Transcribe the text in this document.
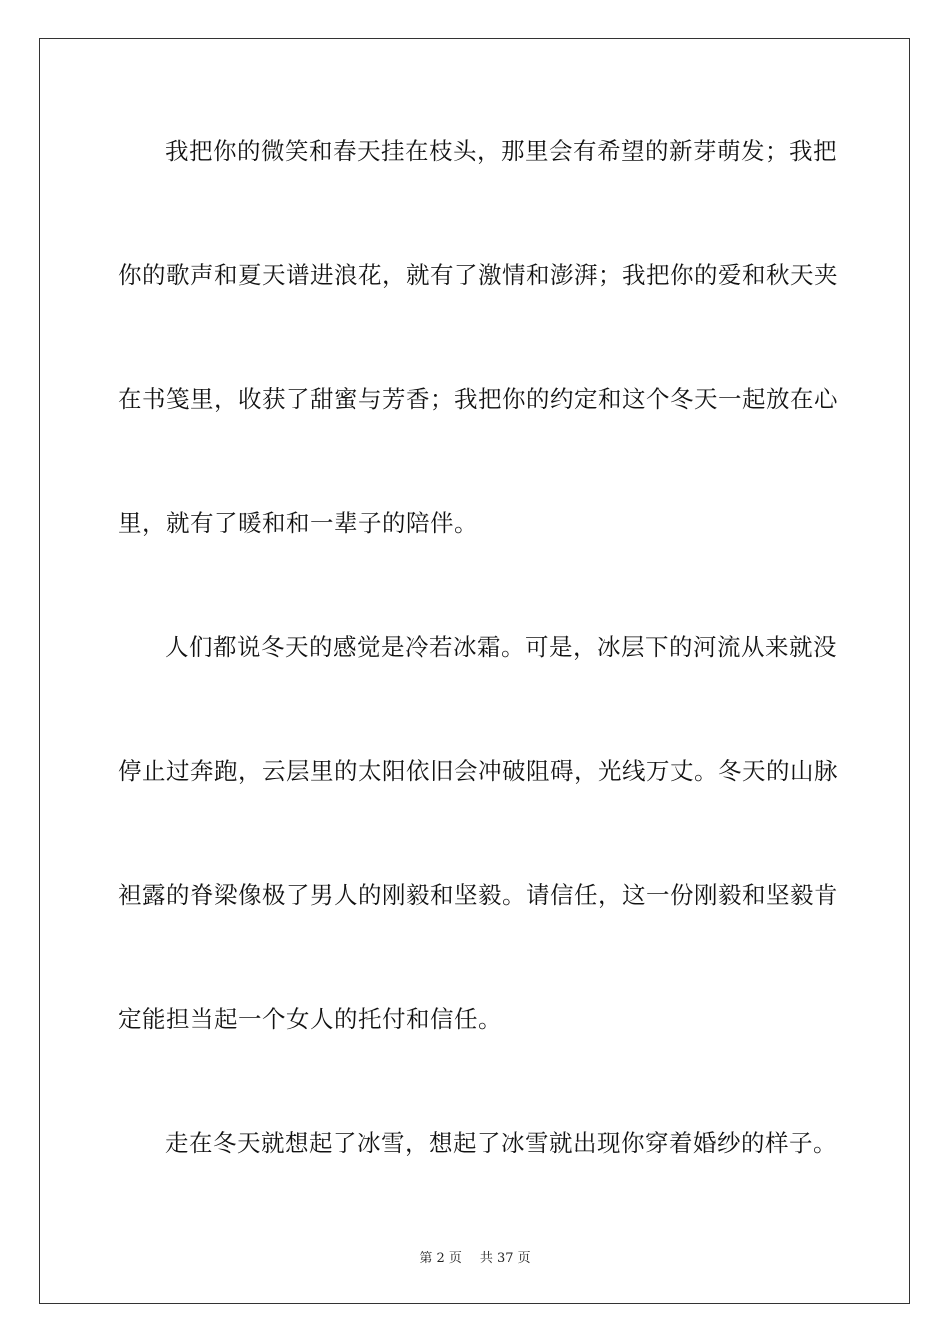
我把你的微笑和春天挂在枝头，那里会有希望的新芽萌发；我把
你的歌声和夏天谱进浪花，就有了激情和澎湃；我把你的爱和秋天夹
在书笺里，收获了甜蜜与芳香；我把你的约定和这个冬天一起放在心
里，就有了暖和和一辈子的陪伴。
人们都说冬天的感觉是冷若冰霜。可是，冰层下的河流从来就没
停止过奔跑，云层里的太阳依旧会冲破阻碍，光线万丈。冬天的山脉
袒露的脊梁像极了男人的刚毅和坚毅。请信任，这一份刚毅和坚毅肯
定能担当起一个女人的托付和信任。
走在冬天就想起了冰雪，想起了冰雪就出现你穿着婚纱的样子。
第 2 页 共 37 页
